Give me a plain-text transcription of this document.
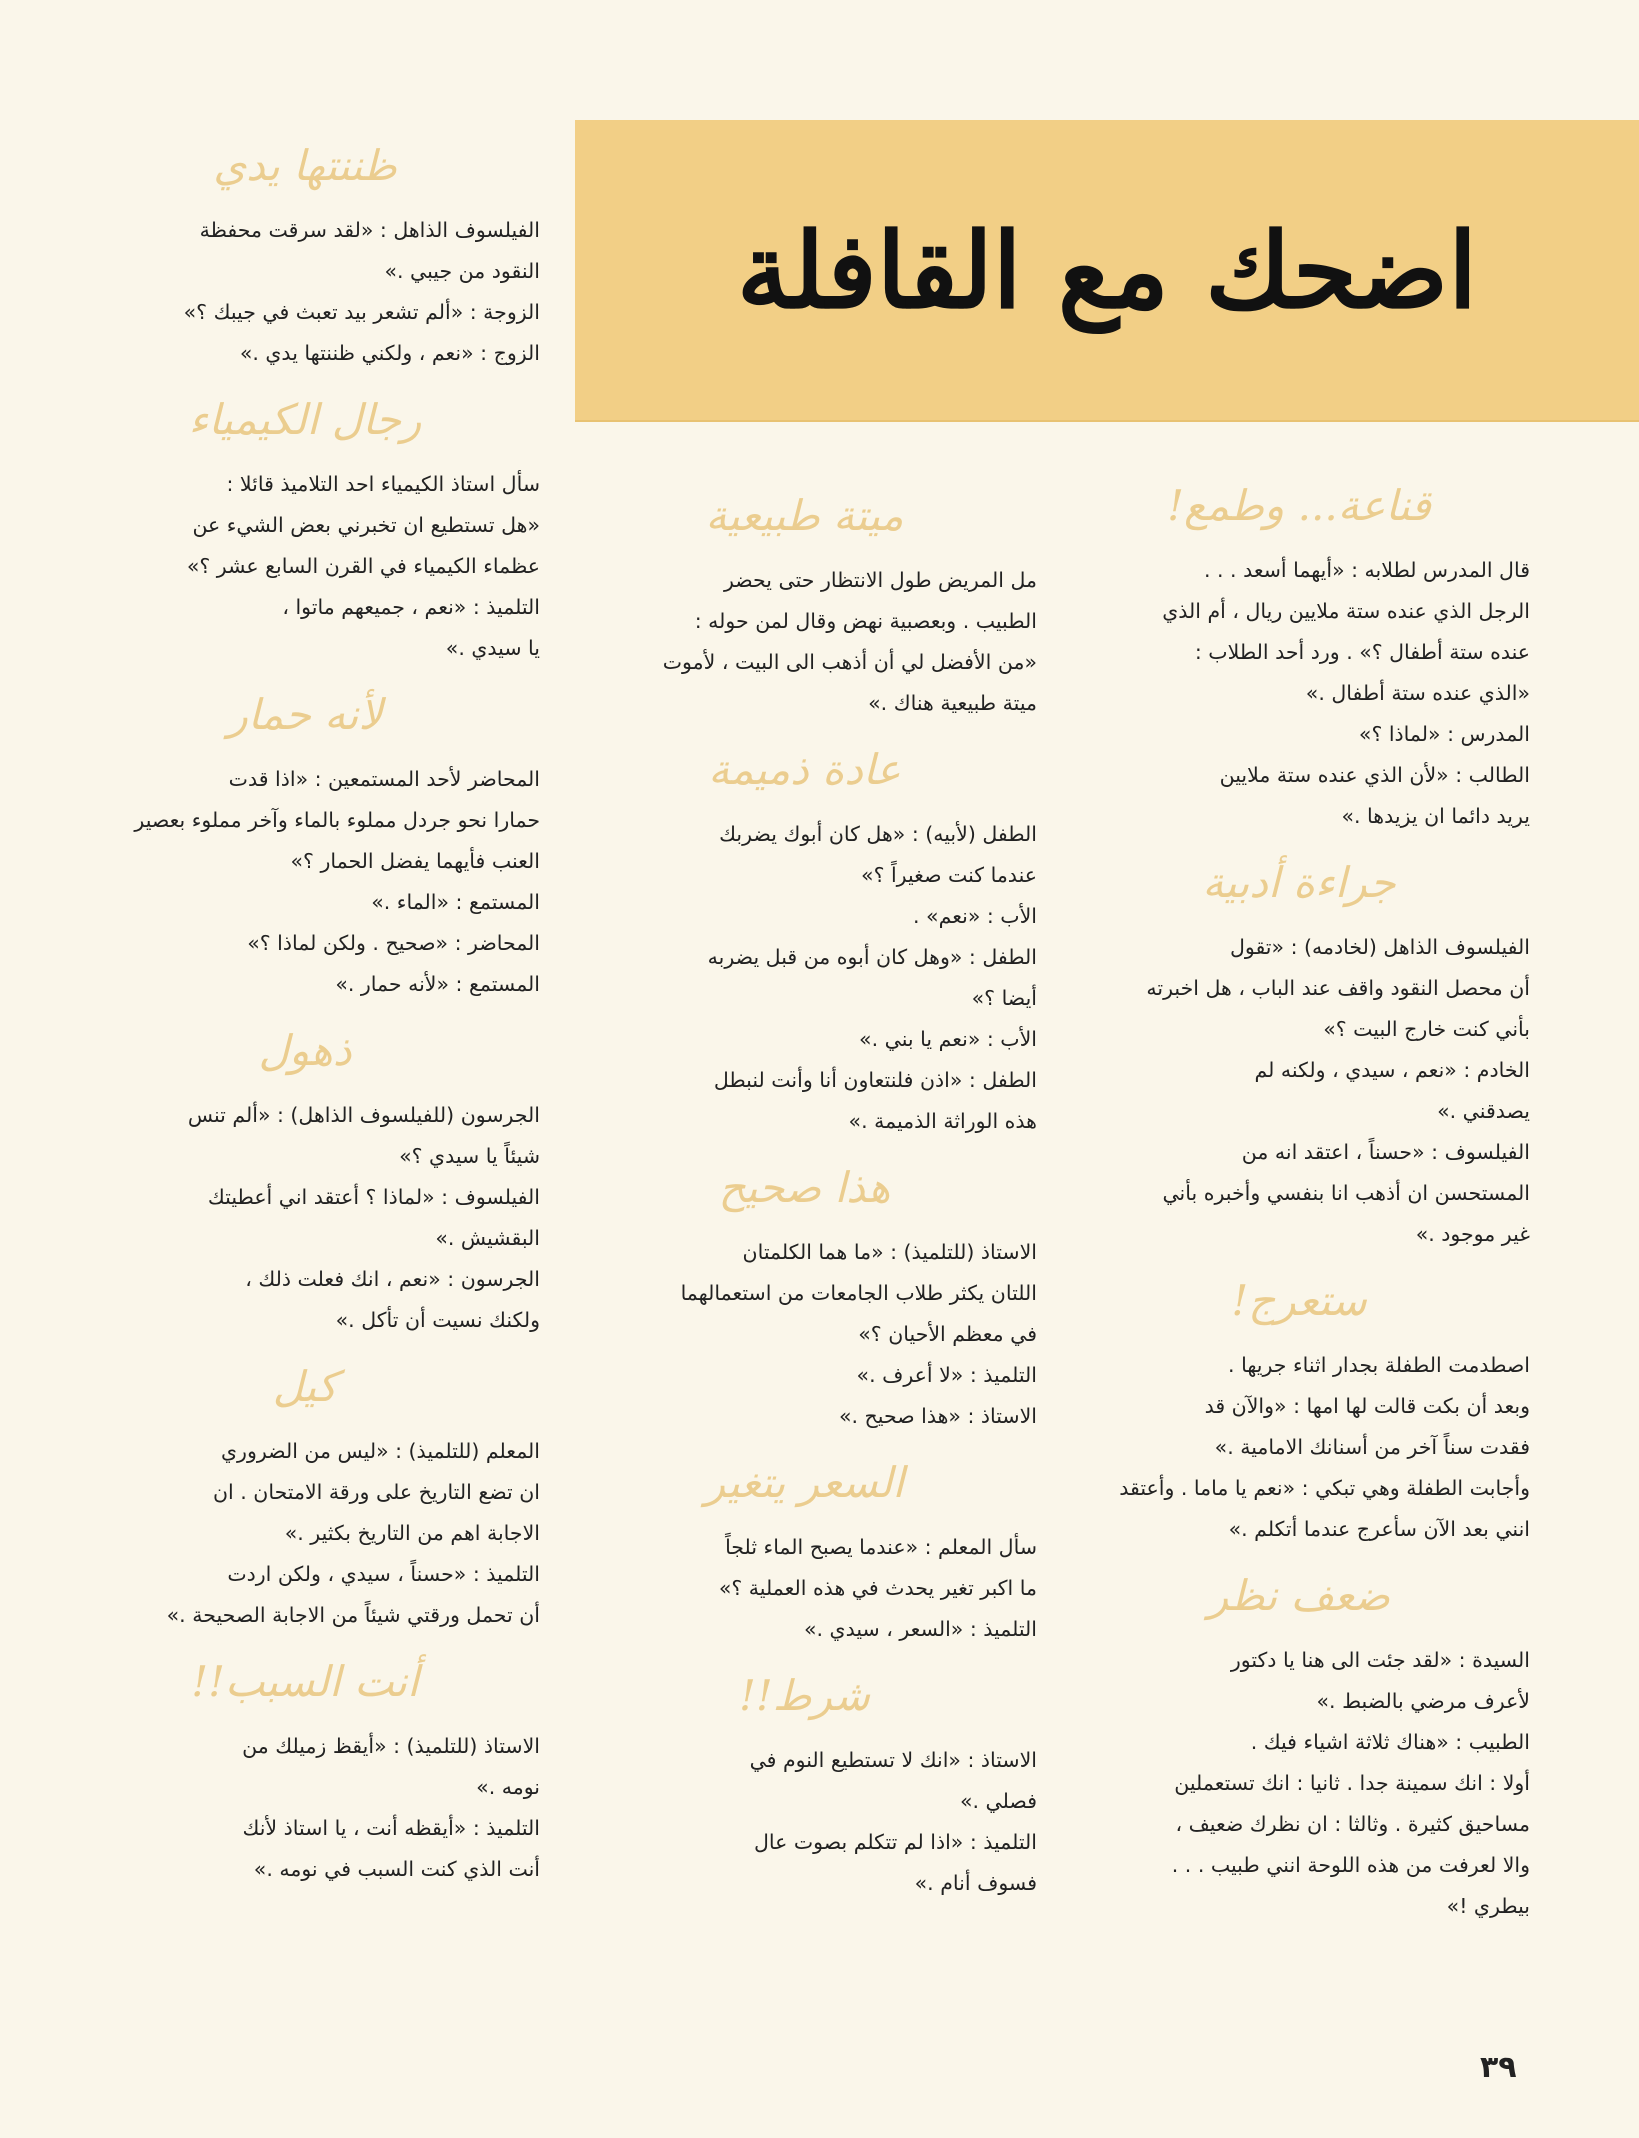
اضحك مع القافلة
قناعة... وطمع!
قال المدرس لطلابه : «أيهما أسعد . . .
الرجل الذي عنده ستة ملايين ريال ، أم الذي
عنده ستة أطفال ؟» . ورد أحد الطلاب :
«الذي عنده ستة أطفال .»
المدرس : «لماذا ؟»
الطالب : «لأن الذي عنده ستة ملايين
يريد دائما ان يزيدها .»
جراءة أدبية
الفيلسوف الذاهل (لخادمه) : «تقول
أن محصل النقود واقف عند الباب ، هل اخبرته
بأني كنت خارج البيت ؟»
الخادم : «نعم ، سيدي ، ولكنه لم
يصدقني .»
الفيلسوف : «حسناً ، اعتقد انه من
المستحسن ان أذهب انا بنفسي وأخبره بأني
غير موجود .»
ستعرج!
اصطدمت الطفلة بجدار اثناء جريها .
وبعد أن بكت قالت لها امها : «والآن قد
فقدت سناً آخر من أسنانك الامامية .»
وأجابت الطفلة وهي تبكي : «نعم يا ماما . وأعتقد
انني بعد الآن سأعرج عندما أتكلم .»
ضعف نظر
السيدة : «لقد جئت الى هنا يا دكتور
لأعرف مرضي بالضبط .»
الطبيب : «هناك ثلاثة اشياء فيك .
أولا : انك سمينة جدا . ثانيا : انك تستعملين
مساحيق كثيرة . وثالثا : ان نظرك ضعيف ،
والا لعرفت من هذه اللوحة انني طبيب . . .
بيطري !»
ميتة طبيعية
مل المريض طول الانتظار حتى يحضر
الطبيب . وبعصبية نهض وقال لمن حوله :
«من الأفضل لي أن أذهب الى البيت ، لأموت
ميتة طبيعية هناك .»
عادة ذميمة
الطفل (لأبيه) : «هل كان أبوك يضربك
عندما كنت صغيراً ؟»
الأب : «نعم» .
الطفل : «وهل كان أبوه من قبل يضربه
أيضا ؟»
الأب : «نعم يا بني .»
الطفل : «اذن فلنتعاون أنا وأنت لنبطل
هذه الوراثة الذميمة .»
هذا صحيح
الاستاذ (للتلميذ) : «ما هما الكلمتان
اللتان يكثر طلاب الجامعات من استعمالهما
في معظم الأحيان ؟»
التلميذ : «لا أعرف .»
الاستاذ : «هذا صحيح .»
السعر يتغير
سأل المعلم : «عندما يصبح الماء ثلجاً
ما اكبر تغير يحدث في هذه العملية ؟»
التلميذ : «السعر ، سيدي .»
شرط!!
الاستاذ : «انك لا تستطيع النوم في
فصلي .»
التلميذ : «اذا لم تتكلم بصوت عال
فسوف أنام .»
ظننتها يدي
الفيلسوف الذاهل : «لقد سرقت محفظة
النقود من جيبي .»
الزوجة : «ألم تشعر بيد تعبث في جيبك ؟»
الزوج : «نعم ، ولكني ظننتها يدي .»
رجال الكيمياء
سأل استاذ الكيمياء احد التلاميذ قائلا :
«هل تستطيع ان تخبرني بعض الشيء عن
عظماء الكيمياء في القرن السابع عشر ؟»
التلميذ : «نعم ، جميعهم ماتوا ،
يا سيدي .»
لأنه حمار
المحاضر لأحد المستمعين : «اذا قدت
حمارا نحو جردل مملوء بالماء وآخر مملوء بعصير
العنب فأيهما يفضل الحمار ؟»
المستمع : «الماء .»
المحاضر : «صحيح . ولكن لماذا ؟»
المستمع : «لأنه حمار .»
ذهول
الجرسون (للفيلسوف الذاهل) : «ألم تنس
شيئاً يا سيدي ؟»
الفيلسوف : «لماذا ؟ أعتقد اني أعطيتك
البقشيش .»
الجرسون : «نعم ، انك فعلت ذلك ،
ولكنك نسيت أن تأكل .»
كيل
المعلم (للتلميذ) : «ليس من الضروري
ان تضع التاريخ على ورقة الامتحان . ان
الاجابة اهم من التاريخ بكثير .»
التلميذ : «حسناً ، سيدي ، ولكن اردت
أن تحمل ورقتي شيئاً من الاجابة الصحيحة .»
أنت السبب!!
الاستاذ (للتلميذ) : «أيقظ زميلك من
نومه .»
التلميذ : «أيقظه أنت ، يا استاذ لأنك
أنت الذي كنت السبب في نومه .»
٣٩
